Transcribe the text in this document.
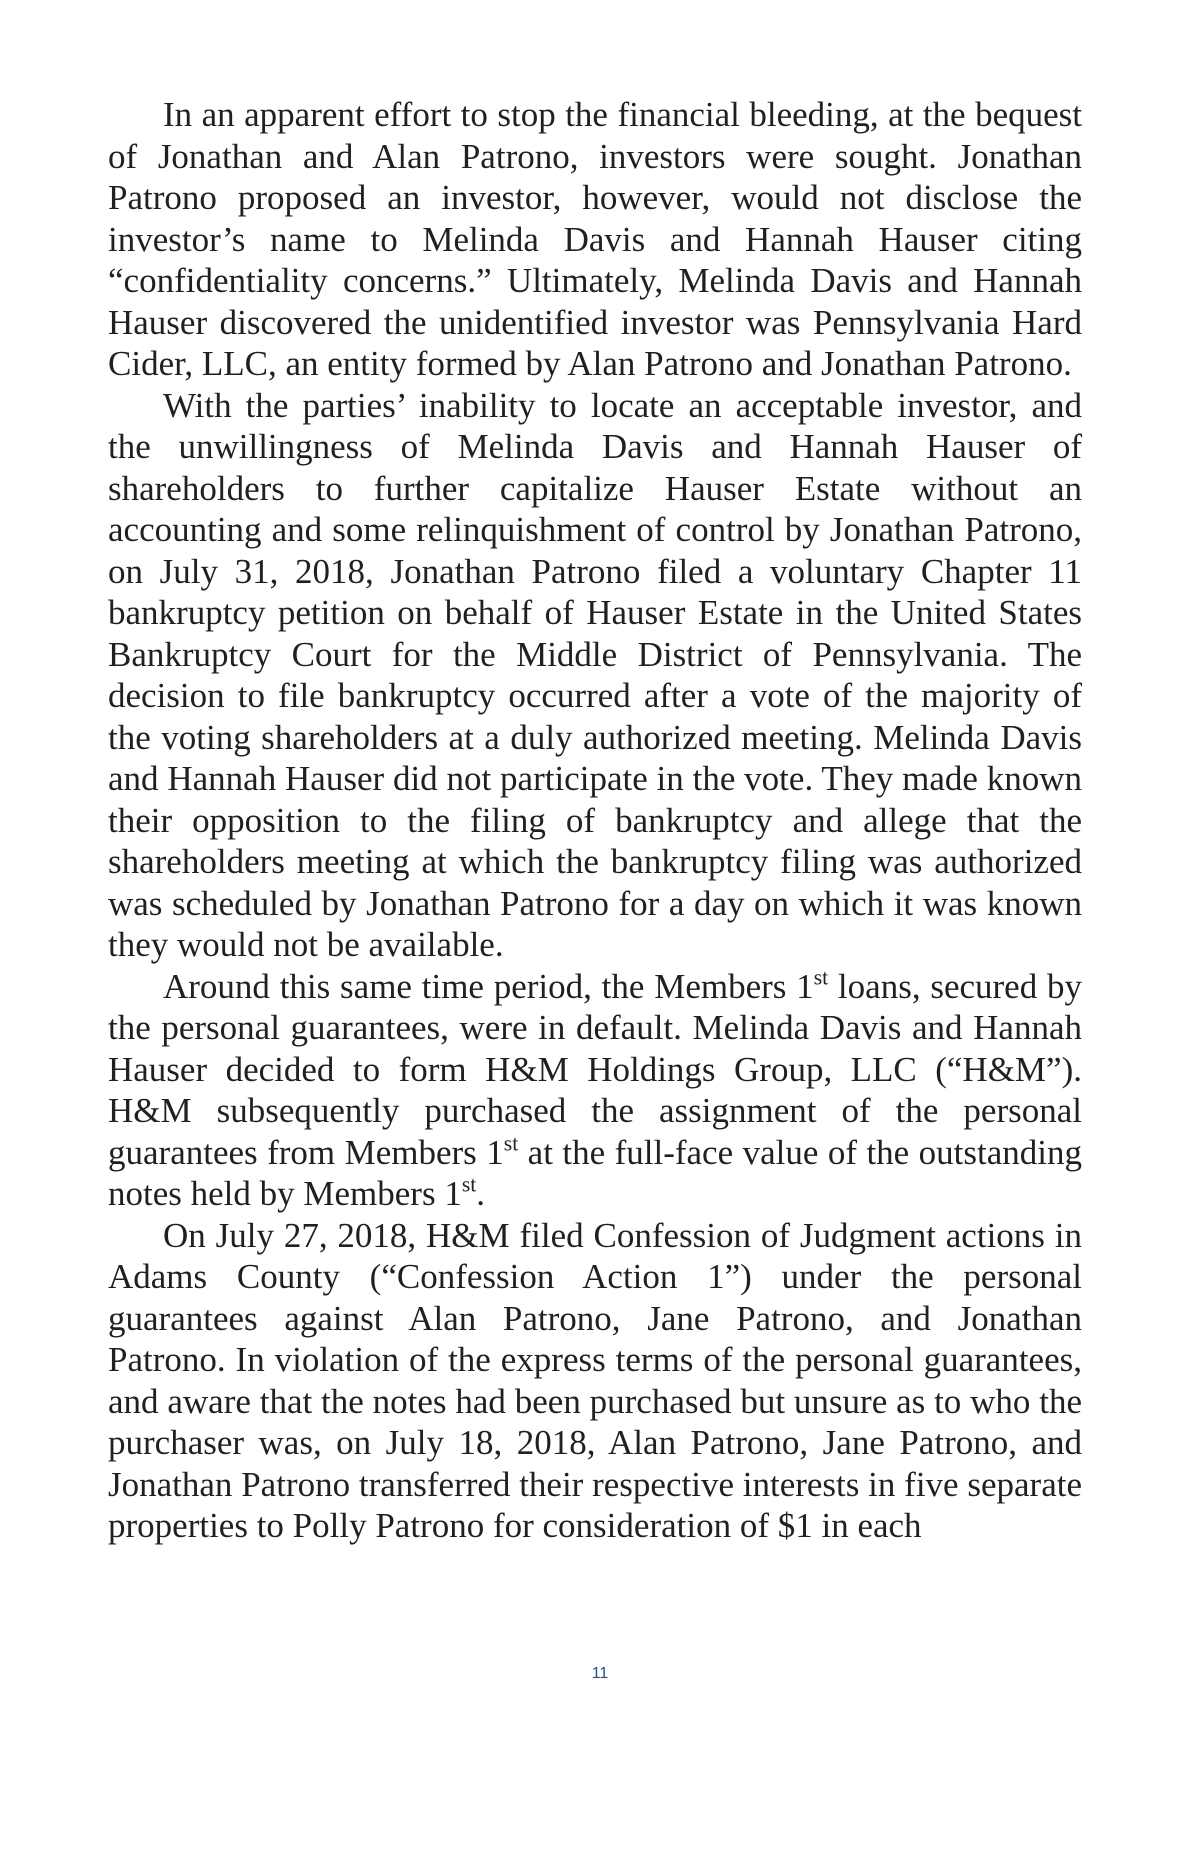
In an apparent effort to stop the financial bleeding, at the bequest of Jonathan and Alan Patrono, investors were sought. Jonathan Patrono proposed an investor, however, would not disclose the investor’s name to Melinda Davis and Hannah Hauser citing “confidentiality concerns.” Ultimately, Melinda Davis and Hannah Hauser discovered the unidentified investor was Pennsylvania Hard Cider, LLC, an entity formed by Alan Patrono and Jonathan Patrono.

With the parties’ inability to locate an acceptable investor, and the unwillingness of Melinda Davis and Hannah Hauser of shareholders to further capitalize Hauser Estate without an accounting and some relinquishment of control by Jonathan Patrono, on July 31, 2018, Jonathan Patrono filed a voluntary Chapter 11 bankruptcy petition on behalf of Hauser Estate in the United States Bankruptcy Court for the Middle District of Pennsylvania. The decision to file bankruptcy occurred after a vote of the majority of the voting shareholders at a duly authorized meeting. Melinda Davis and Hannah Hauser did not participate in the vote. They made known their opposition to the filing of bankruptcy and allege that the shareholders meeting at which the bankruptcy filing was authorized was scheduled by Jonathan Patrono for a day on which it was known they would not be available.

Around this same time period, the Members 1st loans, secured by the personal guarantees, were in default. Melinda Davis and Hannah Hauser decided to form H&M Holdings Group, LLC (“H&M”). H&M subsequently purchased the assignment of the personal guarantees from Members 1st at the full-face value of the outstanding notes held by Members 1st.

On July 27, 2018, H&M filed Confession of Judgment actions in Adams County (“Confession Action 1”) under the personal guarantees against Alan Patrono, Jane Patrono, and Jonathan Patrono. In violation of the express terms of the personal guarantees, and aware that the notes had been purchased but unsure as to who the purchaser was, on July 18, 2018, Alan Patrono, Jane Patrono, and Jonathan Patrono transferred their respective interests in five separate properties to Polly Patrono for consideration of $1 in each

11
